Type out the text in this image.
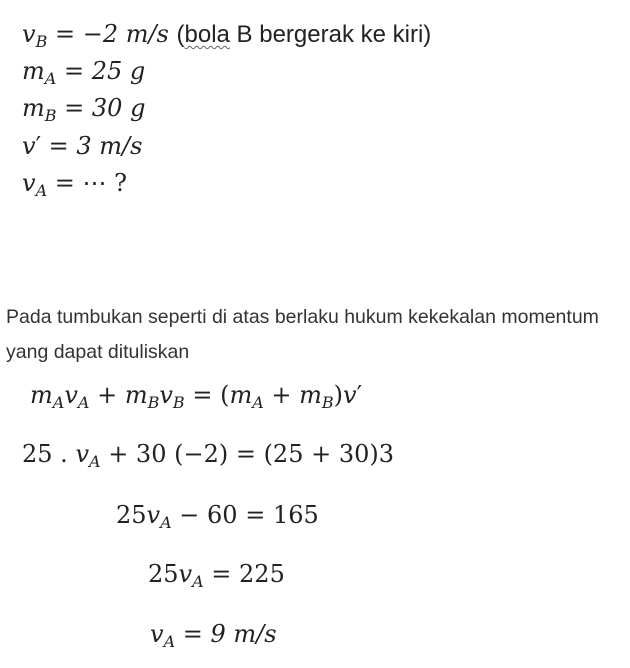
$v_B = -2$ m/s (bola B bergerak ke kiri)
$m_A = 25$ g
$m_B = 30$ g
v′ = 3 m/s
$v_A$ = ⋯ ?
Pada tumbukan seperti di atas berlaku hukum kekekalan momentum yang dapat dituliskan
$m_Av_A + m_Bv_B = (m_A + m_B)v'$
25 . $v_A + 30$ (−2) = (25 + 30)3
$25v_A - 60 = 165$
$25v_A = 225$
$v_A = 9$ m/s
